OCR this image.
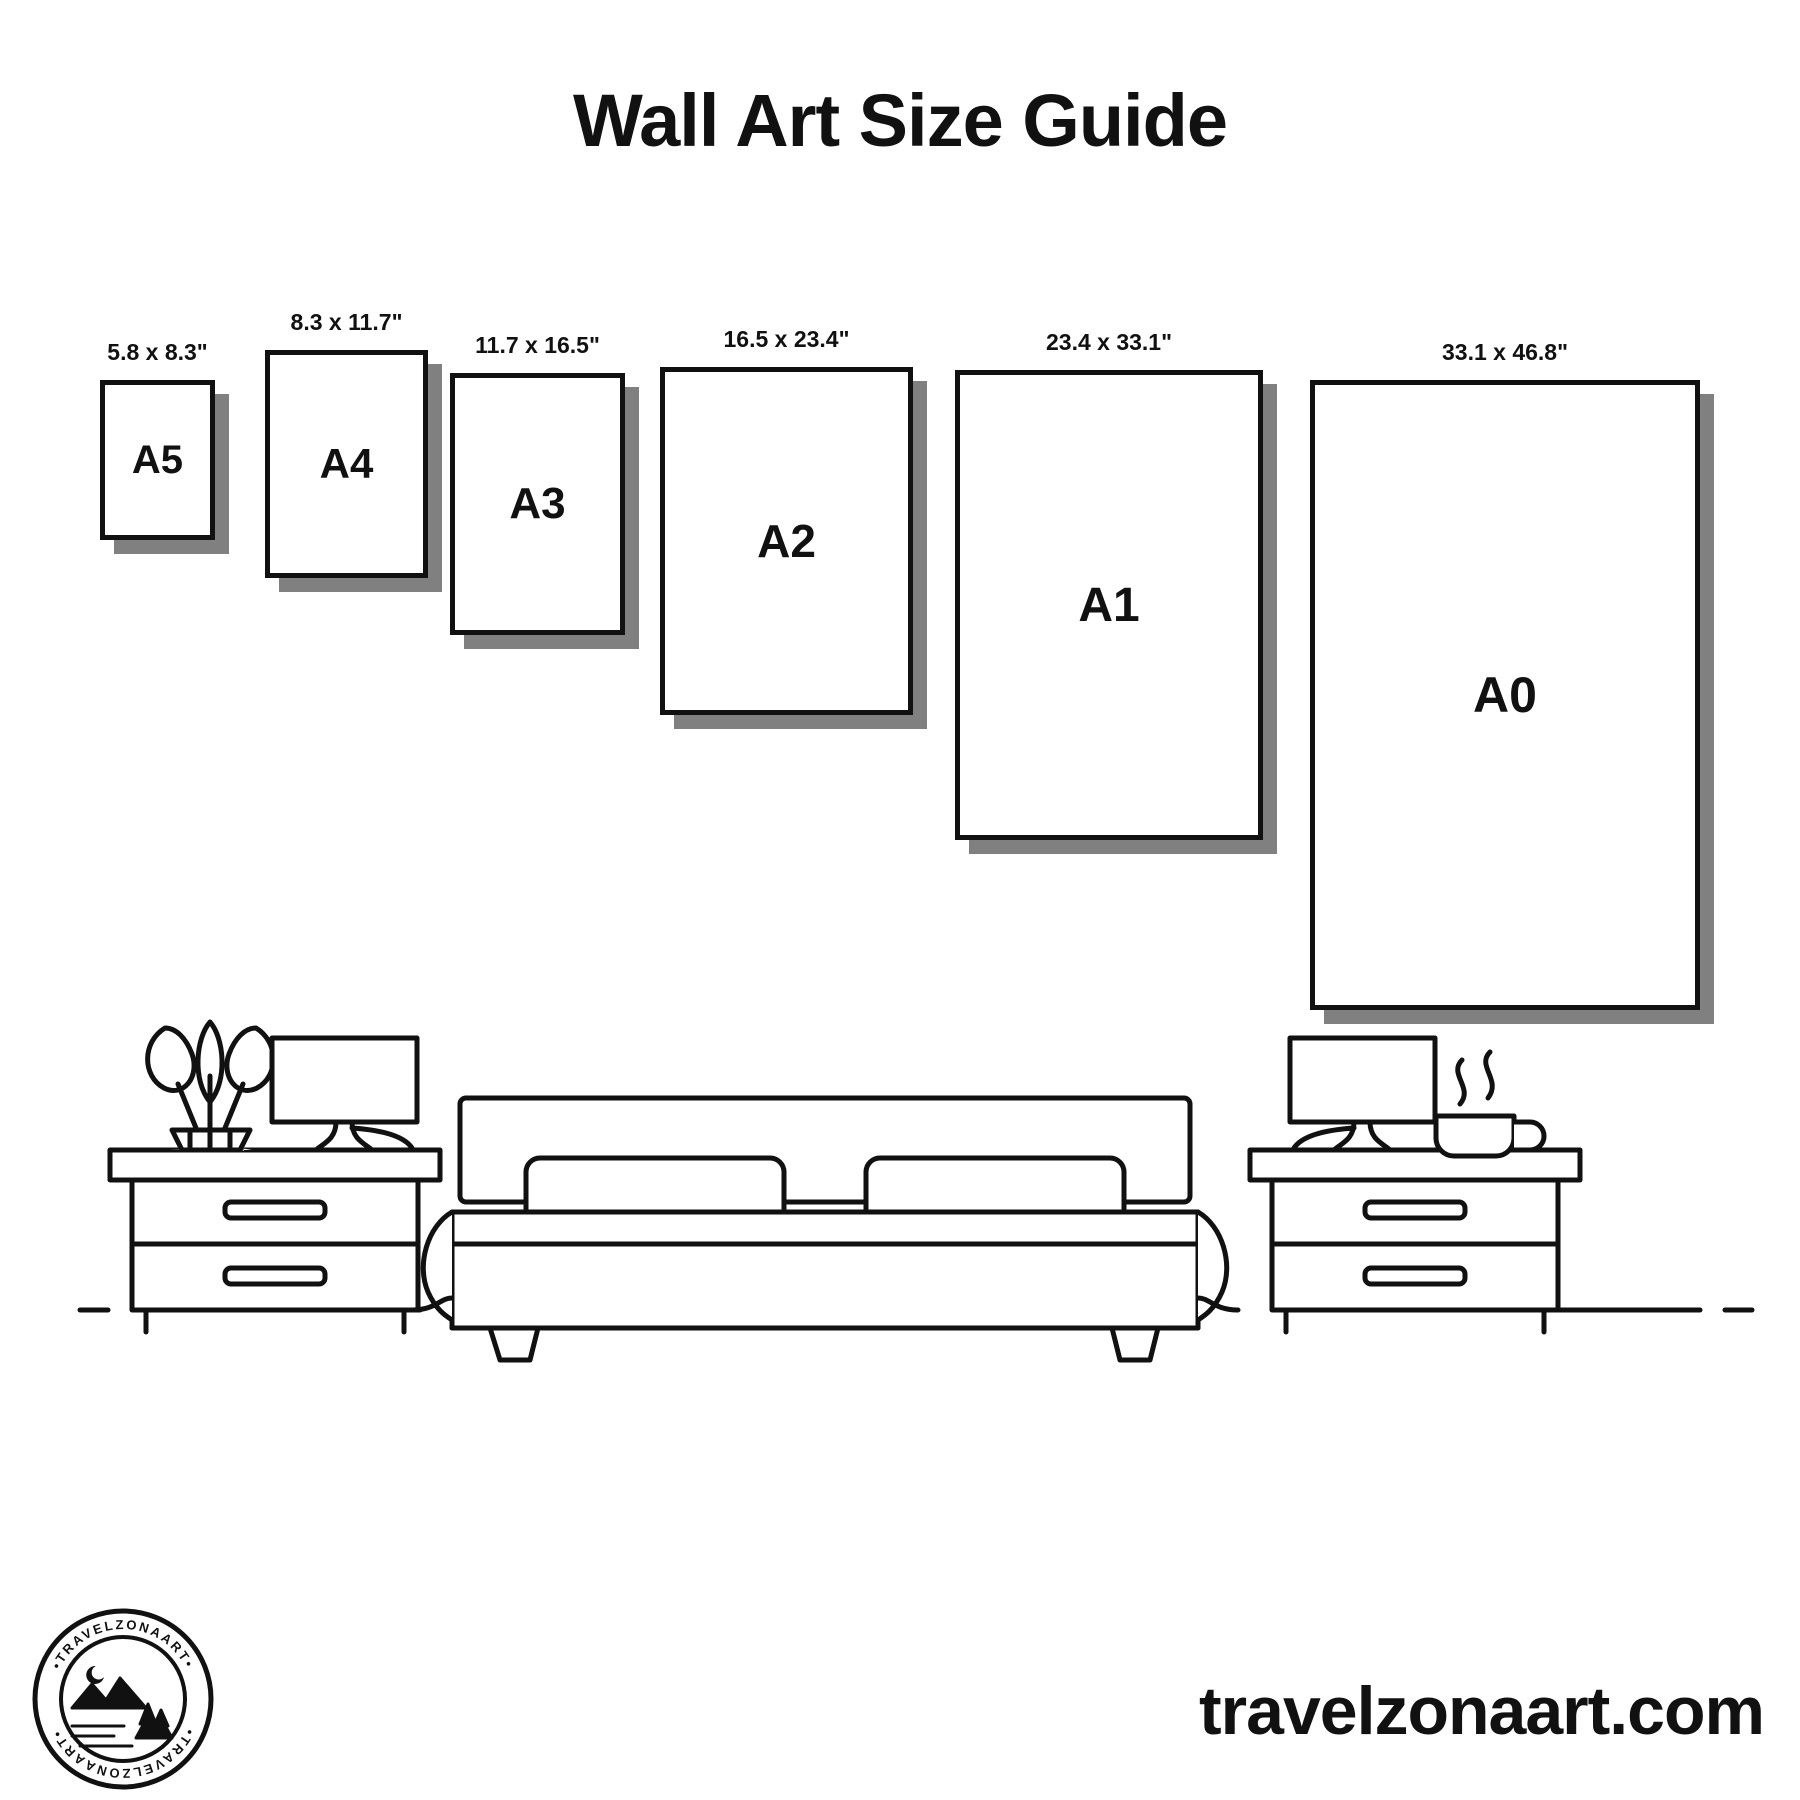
Wall Art Size Guide
5.8 x 8.3"
A5
8.3 x 11.7"
A4
11.7 x 16.5"
A3
16.5 x 23.4"
A2
23.4 x 33.1"
A1
33.1 x 46.8"
A0
•TRAVELZONAART•
•TRAVELZONAART•	travelzonaart.com
